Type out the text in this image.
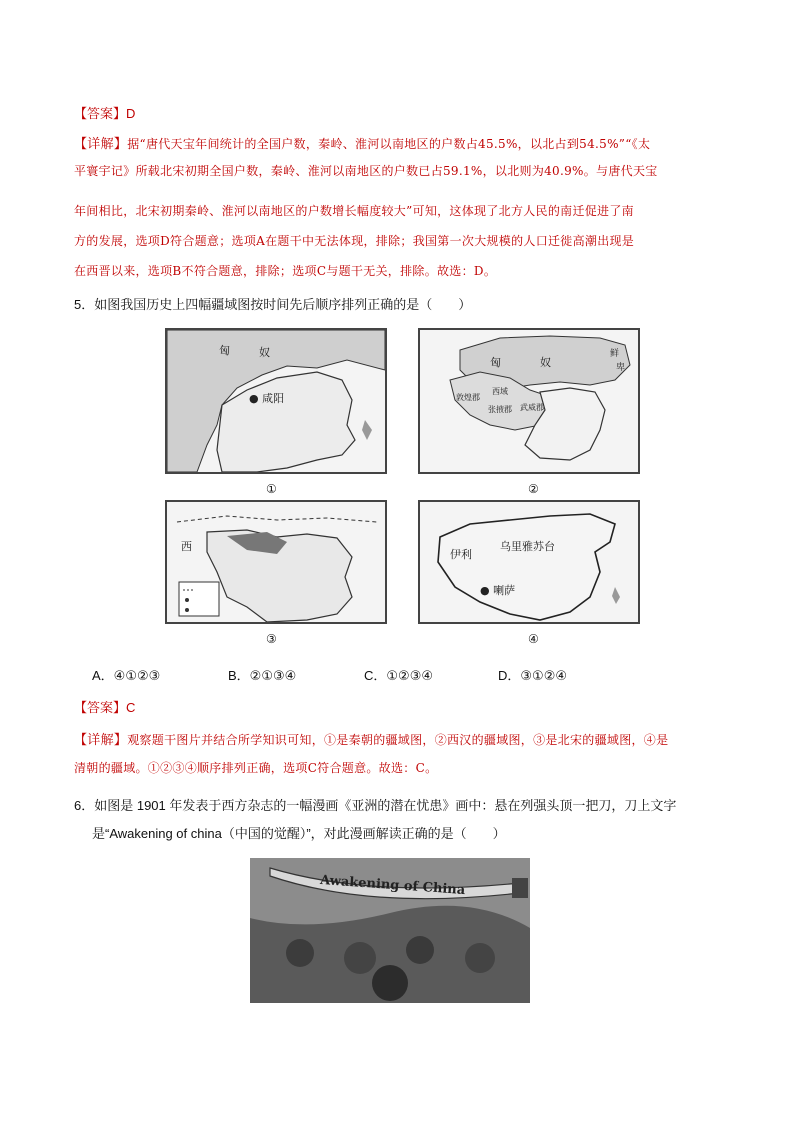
【答案】D
【详解】据“唐代天宝年间统计的全国户数，秦岭、淮河以南地区的户数占45.5%，以北占到54.5%”“《太
平寰宇记》所载北宋初期全国户数，秦岭、淮河以南地区的户数已占59.1%，以北则为40.9%。与唐代天宝
年间相比，北宋初期秦岭、淮河以南地区的户数增长幅度较大”可知，这体现了北方人民的南迁促进了南
方的发展，选项D符合题意；选项A在题干中无法体现，排除；我国第一次大规模的人口迁徙高潮出现是
在西晋以来，选项B不符合题意，排除；选项C与题干无关，排除。故选：D。
5．如图我国历史上四幅疆域图按时间先后顺序排列正确的是（　　）
匈	奴
● 咸阳
①
匈	奴
鲜
卑
敦煌郡
西域
武威郡
张掖郡
②
西
③
伊利
乌里雅苏台
● 喇萨
④
A．④①②③	B．②①③④	C．①②③④	D．③①②④
【答案】C
【详解】观察题干图片并结合所学知识可知，①是秦朝的疆域图，②西汉的疆域图，③是北宋的疆域图，④是
清朝的疆域。①②③④顺序排列正确，选项C符合题意。故选：C。
6．如图是 1901 年发表于西方杂志的一幅漫画《亚洲的潜在忧患》画中：悬在列强头顶一把刀，刀上文字
是“Awakening of china（中国的觉醒）”，对此漫画解读正确的是（　　）
Awakening of China
